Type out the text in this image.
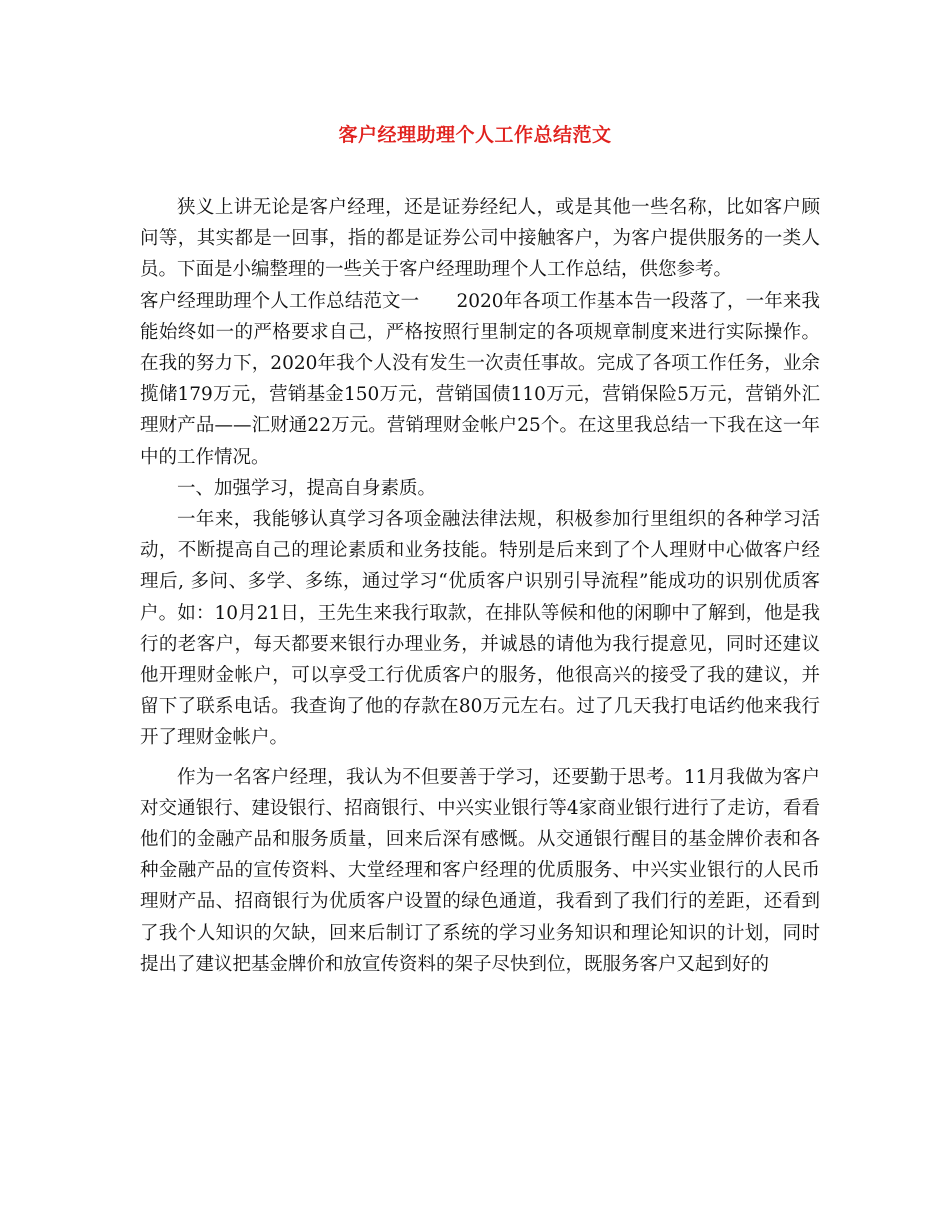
客户经理助理个人工作总结范文

狭义上讲无论是客户经理，还是证券经纪人，或是其他一些名称，比如客户顾问等，其实都是一回事，指的都是证券公司中接触客户，为客户提供服务的一类人员。下面是小编整理的一些关于客户经理助理个人工作总结，供您参考。

客户经理助理个人工作总结范文一　　2020年各项工作基本告一段落了，一年来我能始终如一的严格要求自己，严格按照行里制定的各项规章制度来进行实际操作。在我的努力下，2020年我个人没有发生一次责任事故。完成了各项工作任务，业余揽储179万元，营销基金150万元，营销国债110万元，营销保险5万元，营销外汇理财产品——汇财通22万元。营销理财金帐户25个。在这里我总结一下我在这一年中的工作情况。

一、加强学习，提高自身素质。

一年来，我能够认真学习各项金融法律法规，积极参加行里组织的各种学习活动，不断提高自己的理论素质和业务技能。特别是后来到了个人理财中心做客户经理后, 多问、多学、多练，通过学习“优质客户识别引导流程”能成功的识别优质客户。如：10月21日，王先生来我行取款，在排队等候和他的闲聊中了解到，他是我行的老客户，每天都要来银行办理业务，并诚恳的请他为我行提意见，同时还建议他开理财金帐户，可以享受工行优质客户的服务，他很高兴的接受了我的建议，并留下了联系电话。我查询了他的存款在80万元左右。过了几天我打电话约他来我行开了理财金帐户。

作为一名客户经理，我认为不但要善于学习，还要勤于思考。11月我做为客户对交通银行、建设银行、招商银行、中兴实业银行等4家商业银行进行了走访，看看他们的金融产品和服务质量，回来后深有感慨。从交通银行醒目的基金牌价表和各种金融产品的宣传资料、大堂经理和客户经理的优质服务、中兴实业银行的人民币理财产品、招商银行为优质客户设置的绿色通道，我看到了我们行的差距，还看到了我个人知识的欠缺，回来后制订了系统的学习业务知识和理论知识的计划，同时提出了建议把基金牌价和放宣传资料的架子尽快到位，既服务客户又起到好的
